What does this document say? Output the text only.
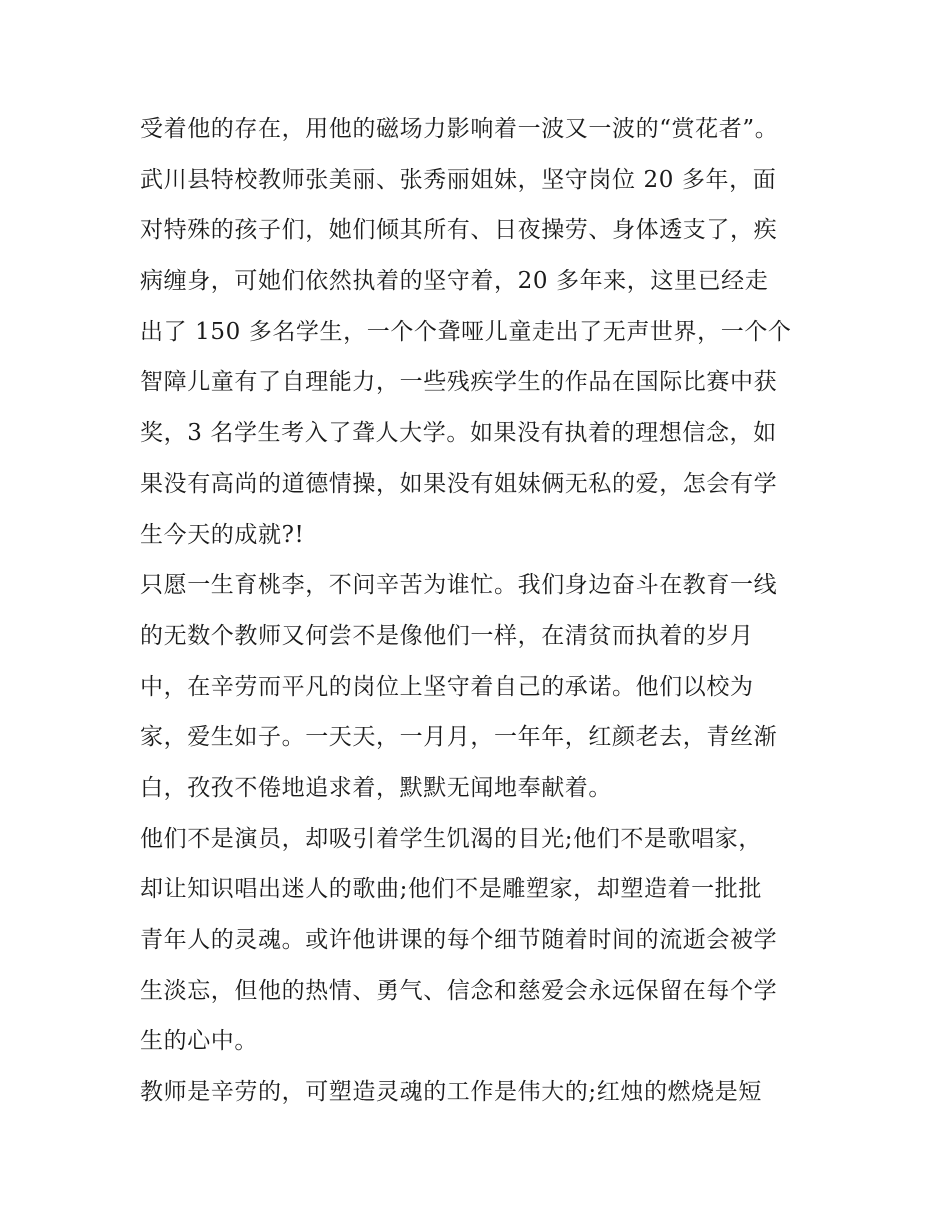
受着他的存在，用他的磁场力影响着一波又一波的“赏花者”。
武川县特校教师张美丽、张秀丽姐妹，坚守岗位 20 多年，面
对特殊的孩子们，她们倾其所有、日夜操劳、身体透支了，疾
病缠身，可她们依然执着的坚守着，20 多年来，这里已经走
出了 150 多名学生，一个个聋哑儿童走出了无声世界，一个个
智障儿童有了自理能力，一些残疾学生的作品在国际比赛中获
奖，3 名学生考入了聋人大学。如果没有执着的理想信念，如
果没有高尚的道德情操，如果没有姐妹俩无私的爱，怎会有学
生今天的成就?!
只愿一生育桃李，不问辛苦为谁忙。我们身边奋斗在教育一线
的无数个教师又何尝不是像他们一样，在清贫而执着的岁月
中，在辛劳而平凡的岗位上坚守着自己的承诺。他们以校为
家，爱生如子。一天天，一月月，一年年，红颜老去，青丝渐
白，孜孜不倦地追求着，默默无闻地奉献着。
他们不是演员，却吸引着学生饥渴的目光;他们不是歌唱家，
却让知识唱出迷人的歌曲;他们不是雕塑家，却塑造着一批批
青年人的灵魂。或许他讲课的每个细节随着时间的流逝会被学
生淡忘，但他的热情、勇气、信念和慈爱会永远保留在每个学
生的心中。
教师是辛劳的，可塑造灵魂的工作是伟大的;红烛的燃烧是短
